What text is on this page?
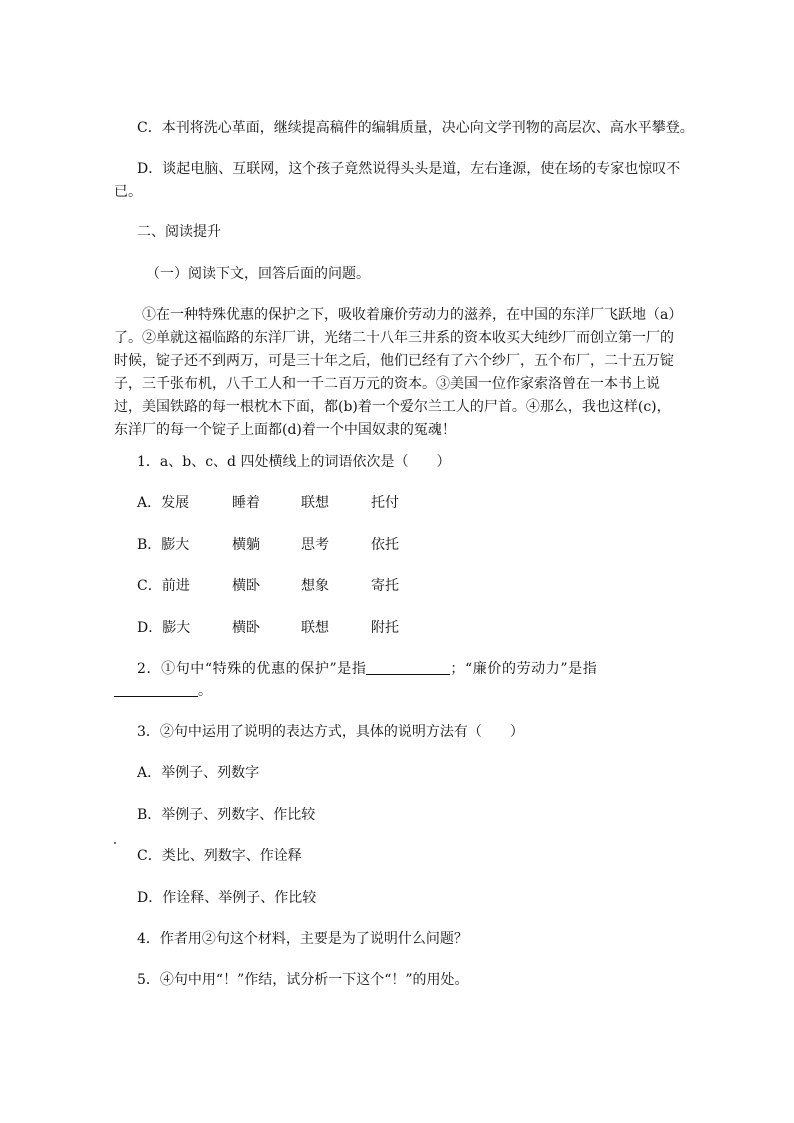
C．本刊将洗心革面，继续提高稿件的编辑质量，决心向文学刊物的高层次、高水平攀登。
D．谈起电脑、互联网，这个孩子竟然说得头头是道，左右逢源，使在场的专家也惊叹不已。
二、阅读提升
（一）阅读下文，回答后面的问题。
①在一种特殊优惠的保护之下，吸收着廉价劳动力的滋养，在中国的东洋厂飞跃地（a）了。②单就这福临路的东洋厂讲，光绪二十八年三井系的资本收买大纯纱厂而创立第一厂的时候，锭子还不到两万，可是三十年之后，他们已经有了六个纱厂，五个布厂，二十五万锭子，三千张布机，八千工人和一千二百万元的资本。③美国一位作家索洛曾在一本书上说过，美国铁路的每一根枕木下面，都(b)着一个爱尔兰工人的尸首。④那么，我也这样(c)，东洋厂的每一个锭子上面都(d)着一个中国奴隶的冤魂！
1．a、b、c、d 四处横线上的词语依次是（　　）
A．发展	睡着	联想	托付
B．膨大	横躺	思考	依托
C．前进	横卧	想象	寄托
D．膨大	横卧	联想	附托
2．①句中“特殊的优惠的保护”是指	；“廉价的劳动力”是指
。
3．②句中运用了说明的表达方式，具体的说明方法有（　　）
A．举例子、列数字
B．举例子、列数字、作比较
C．类比、列数字、作诠释
D．作诠释、举例子、作比较
4．作者用②句这个材料，主要是为了说明什么问题？
5．④句中用“！”作结，试分析一下这个“！”的用处。
